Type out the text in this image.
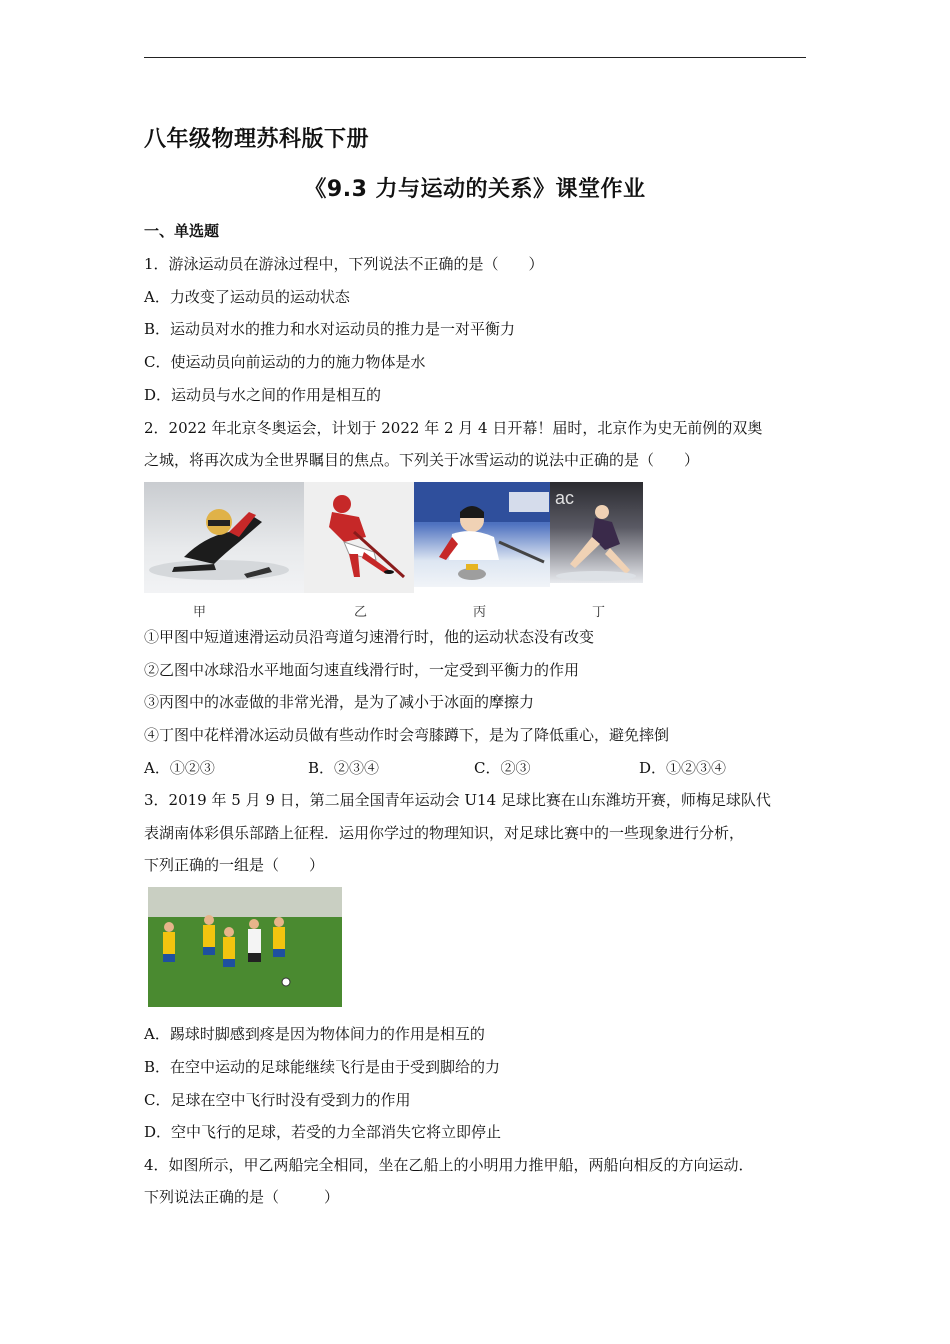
八年级物理苏科版下册
《9.3 力与运动的关系》课堂作业
一、单选题
1．游泳运动员在游泳过程中，下列说法不正确的是（　　）
A．力改变了运动员的运动状态
B．运动员对水的推力和水对运动员的推力是一对平衡力
C．使运动员向前运动的力的施力物体是水
D．运动员与水之间的作用是相互的
2．2022 年北京冬奥运会，计划于 2022 年 2 月 4 日开幕！届时，北京作为史无前例的双奥
之城，将再次成为全世界瞩目的焦点。下列关于冰雪运动的说法中正确的是（　　）
ac
甲	乙	丙	丁
①甲图中短道速滑运动员沿弯道匀速滑行时，他的运动状态没有改变
②乙图中冰球沿水平地面匀速直线滑行时，一定受到平衡力的作用
③丙图中的冰壶做的非常光滑，是为了减小于冰面的摩擦力
④丁图中花样滑冰运动员做有些动作时会弯膝蹲下，是为了降低重心，避免摔倒
A．①②③	B．②③④	C．②③	D．①②③④
3．2019 年 5 月 9 日，第二届全国青年运动会 U14 足球比赛在山东潍坊开赛，师梅足球队代
表湖南体彩俱乐部踏上征程．运用你学过的物理知识，对足球比赛中的一些现象进行分析，
下列正确的一组是（　　）
A．踢球时脚感到疼是因为物体间力的作用是相互的
B．在空中运动的足球能继续飞行是由于受到脚给的力
C．足球在空中飞行时没有受到力的作用
D．空中飞行的足球，若受的力全部消失它将立即停止
4．如图所示，甲乙两船完全相同，坐在乙船上的小明用力推甲船，两船向相反的方向运动．
下列说法正确的是（　　　）
